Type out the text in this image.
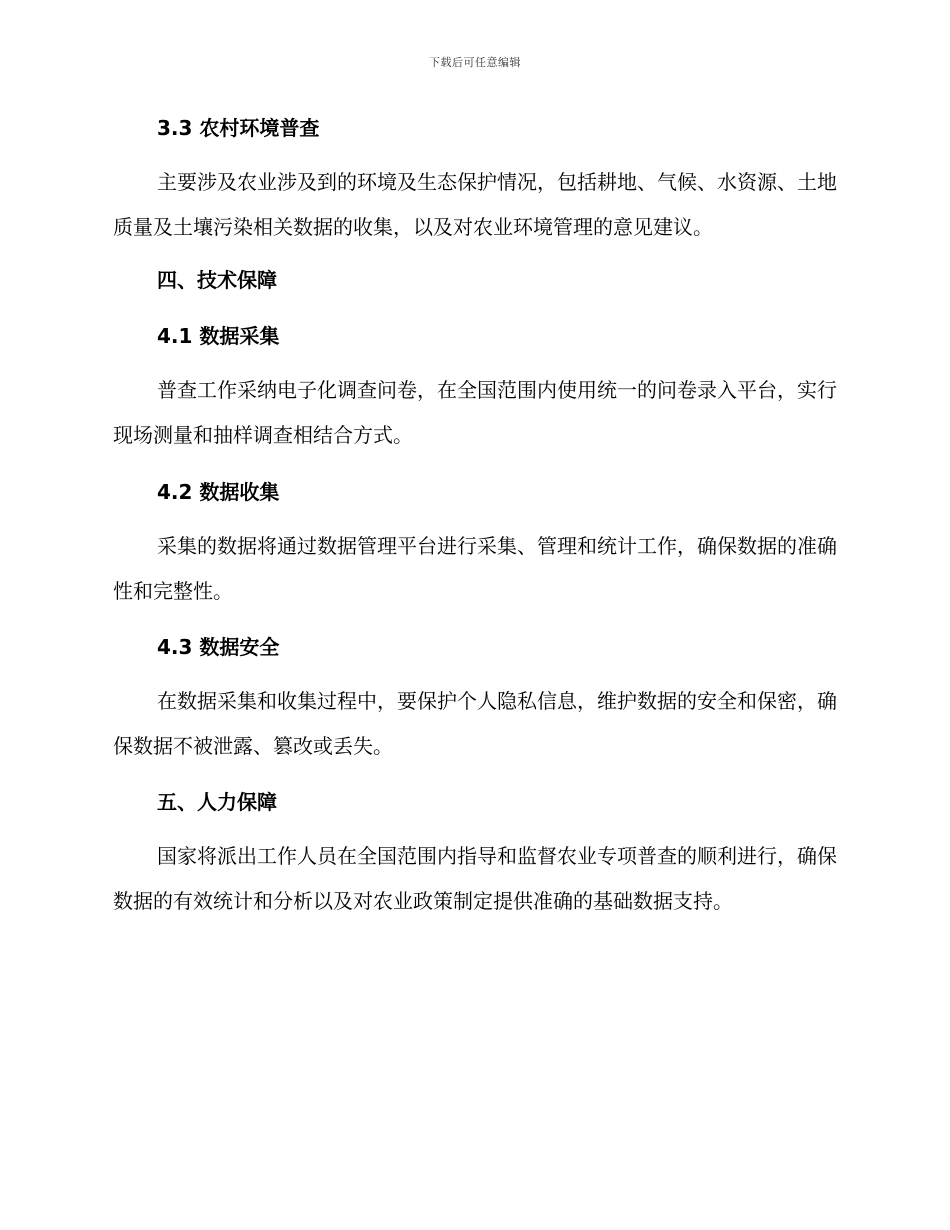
下载后可任意编辑
3.3 农村环境普查

主要涉及农业涉及到的环境及生态保护情况，包括耕地、气候、水资源、土地质量及土壤污染相关数据的收集，以及对农业环境管理的意见建议。

四、技术保障
4.1 数据采集

普查工作采纳电子化调查问卷，在全国范围内使用统一的问卷录入平台，实行现场测量和抽样调查相结合方式。

4.2 数据收集

采集的数据将通过数据管理平台进行采集、管理和统计工作，确保数据的准确性和完整性。

4.3 数据安全

在数据采集和收集过程中，要保护个人隐私信息，维护数据的安全和保密，确保数据不被泄露、篡改或丢失。

五、人力保障

国家将派出工作人员在全国范围内指导和监督农业专项普查的顺利进行，确保数据的有效统计和分析以及对农业政策制定提供准确的基础数据支持。
